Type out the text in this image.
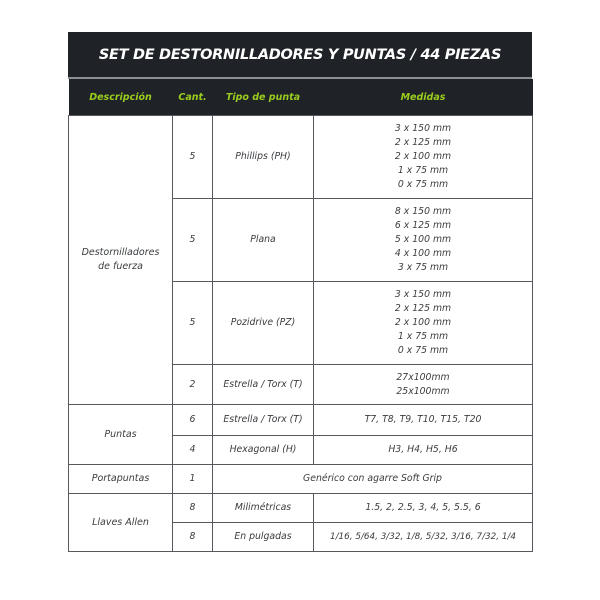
SET DE DESTORNILLADORES Y PUNTAS / 44 PIEZAS
Descripción	Cant.	Tipo de punta	Medidas

Destornilladores
de fuerza	5	Phillips (PH)	3 x 150 mm
2 x 125 mm
2 x 100 mm
1 x 75 mm
0 x 75 mm

	5	Plana	8 x 150 mm
6 x 125 mm
5 x 100 mm
4 x 100 mm
3 x 75 mm

	5	Pozidrive (PZ)	3 x 150 mm
2 x 125 mm
2 x 100 mm
1 x 75 mm
0 x 75 mm

	2	Estrella / Torx (T)	27x100mm
25x100mm

Puntas	6	Estrella / Torx (T)	T7, T8, T9, T10, T15, T20
	4	Hexagonal (H)	H3, H4, H5, H6
Portapuntas	1	Genérico con agarre Soft Grip	
Llaves Allen	8	Milimétricas	1.5, 2, 2.5, 3, 4, 5, 5.5, 6
	8	En pulgadas	1/16, 5/64, 3/32, 1/8, 5/32, 3/16, 7/32, 1/4
